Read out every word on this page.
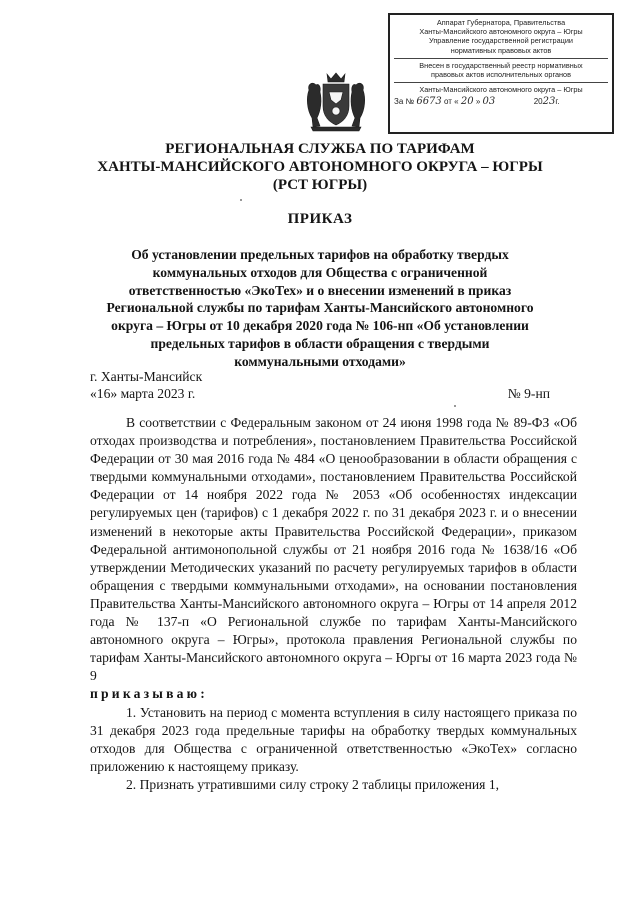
Аппарат Губернатора, Правительства
Ханты-Мансийского автономного округа – Югры
Управление государственной регистрации
нормативных правовых актов
Внесен в государственный реестр нормативных
правовых актов исполнительных органов
Ханты-Мансийского автономного округа – Югры
За № 6673 от « 20 » 03	2023г.
РЕГИОНАЛЬНАЯ СЛУЖБА ПО ТАРИФАМ
ХАНТЫ-МАНСИЙСКОГО АВТОНОМНОГО ОКРУГА – ЮГРЫ
(РСТ ЮГРЫ)
ПРИКАЗ
Об установлении предельных тарифов на обработку твердых
коммунальных отходов для Общества с ограниченной
ответственностью «ЭкоТех» и о внесении изменений в приказ
Региональной службы по тарифам Ханты-Мансийского автономного
округа – Югры от 10 декабря 2020 года № 106-нп «Об установлении
предельных тарифов в области обращения с твердыми
коммунальными отходами»
г. Ханты-Мансийск
«16» марта 2023 г.	№ 9-нп

В соответствии с Федеральным законом от 24 июня 1998 года № 89-ФЗ «Об отходах производства и потребления», постановлением Правительства Российской Федерации от 30 мая 2016 года № 484 «О ценообразовании в области обращения с твердыми коммунальными отходами», постановлением Правительства Российской Федерации от 14 ноября 2022 года № 2053 «Об особенностях индексации регулируемых цен (тарифов) с 1 декабря 2022 г. по 31 декабря 2023 г. и о внесении изменений в некоторые акты Правительства Российской Федерации», приказом Федеральной антимонопольной службы от 21 ноября 2016 года № 1638/16 «Об утверждении Методических указаний по расчету регулируемых тарифов в области обращения с твердыми коммунальными отходами», на основании постановления Правительства Ханты-Мансийского автономного округа – Югры от 14 апреля 2012 года № 137-п «О Региональной службе по тарифам Ханты-Мансийского автономного округа – Югры», протокола правления Региональной службы по тарифам Ханты-Мансийского автономного округа – Юргы от 16 марта 2023 года № 9

приказываю:

1. Установить на период с момента вступления в силу настоящего приказа по 31 декабря 2023 года предельные тарифы на обработку твердых коммунальных отходов для Общества с ограниченной ответственностью «ЭкоТех» согласно приложению к настоящему приказу.

2. Признать утратившими силу строку 2 таблицы приложения 1,
